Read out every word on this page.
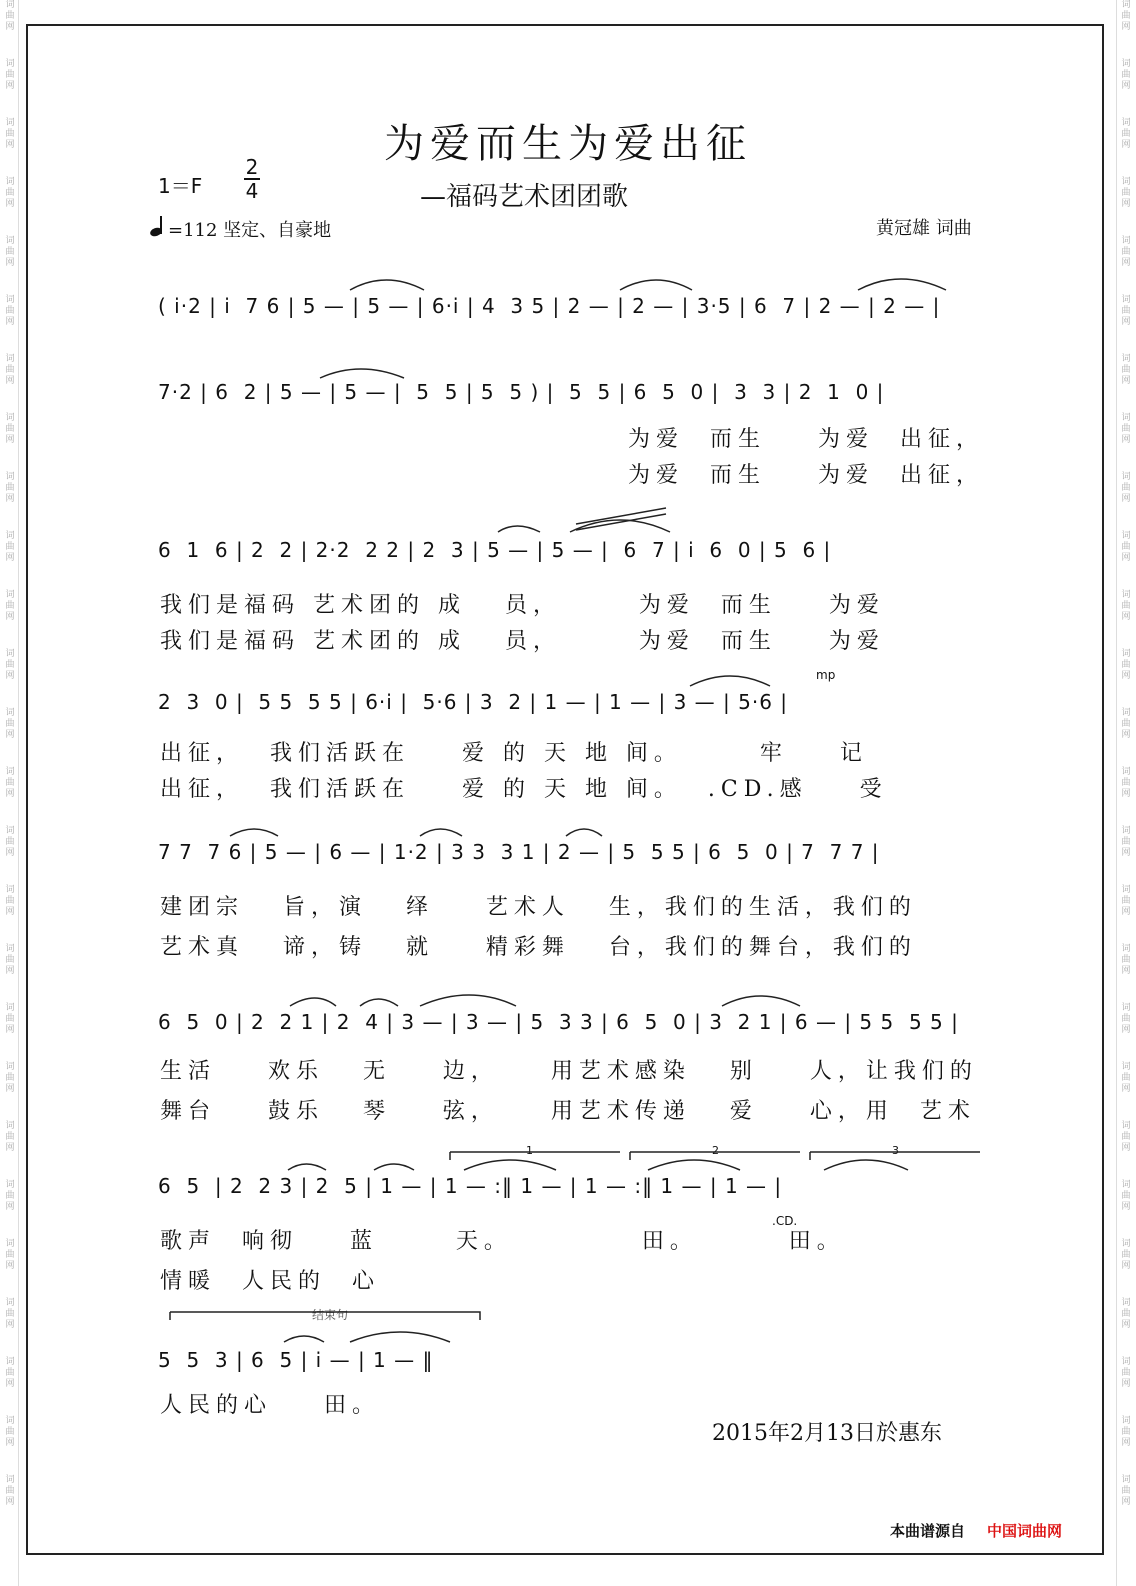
词曲网
词曲网
词曲网
词曲网
词曲网
词曲网
词曲网
词曲网
词曲网
词曲网
词曲网
词曲网
词曲网
词曲网
词曲网
词曲网
词曲网
词曲网
词曲网
词曲网
词曲网
词曲网
词曲网
词曲网
词曲网
词曲网
词曲网
词曲网
词曲网
词曲网
词曲网
词曲网
词曲网
词曲网
词曲网
词曲网
词曲网
词曲网
词曲网
词曲网
词曲网
词曲网
词曲网
词曲网
词曲网
词曲网
词曲网
词曲网
词曲网
词曲网
词曲网
词曲网
为爱而生为爱出征
—福码艺术团团歌
1＝F
2
4
=112 坚定、自豪地	黄冠雄 词曲
( i·2 | i  7 6 | 5 — | 5 — | 6·i | 4  3 5 | 2 — | 2 — | 3·5 | 6  7 | 2 — | 2 — |
7·2 | 6  2 | 5 — | 5 — |  5  5 | 5  5 ) |  5  5 | 6  5  0 |  3  3 | 2  1  0 |
6  1  6 | 2  2 | 2·2  2 2 | 2  3 | 5 — | 5 — |  6  7 | i  6  0 | 5  6 |
2  3  0 |  5 5  5 5 | 6·i |  5·6 | 3  2 | 1 — | 1 — | 3 — | 5·6 |
7 7  7 6 | 5 — | 6 — | 1·2 | 3 3  3 1 | 2 — | 5  5 5 | 6  5  0 | 7  7 7 |
6  5  0 | 2  2 1 | 2  4 | 3 — | 3 — | 5  3 3 | 6  5  0 | 3  2 1 | 6 — | 5 5  5 5 |
6  5  | 2  2 3 | 2  5 | 1 — | 1 — :‖ 1 — | 1 — :‖ 1 — | 1 — |
5  5  3 | 6  5 | i — | 1 — ‖
为爱  而生    为爱  出征，
为爱  而生    为爱  出征，
我们是福码 艺术团的 成   员，      为爱  而生    为爱
我们是福码 艺术团的 成   员，      为爱  而生    为爱
出征，  我们活跃在    爱 的 天 地 间。      牢    记
出征，  我们活跃在    爱 的 天 地 间。  .CD.感    受
建团宗   旨，演   绎    艺术人   生，我们的生活，我们的
艺术真   谛，铸   就    精彩舞   台，我们的舞台，我们的
生活    欢乐   无    边，    用艺术感染   别    人，让我们的
舞台    鼓乐   琴    弦，    用艺术传递   爱    心，用  艺术
歌声  响彻    蓝      天。          田。       田。
情暖  人民的  心
人民的心    田。
mp
.CD.
结束句
1	2	3
2015年2月13日於惠东
本曲谱源自 中国词曲网
